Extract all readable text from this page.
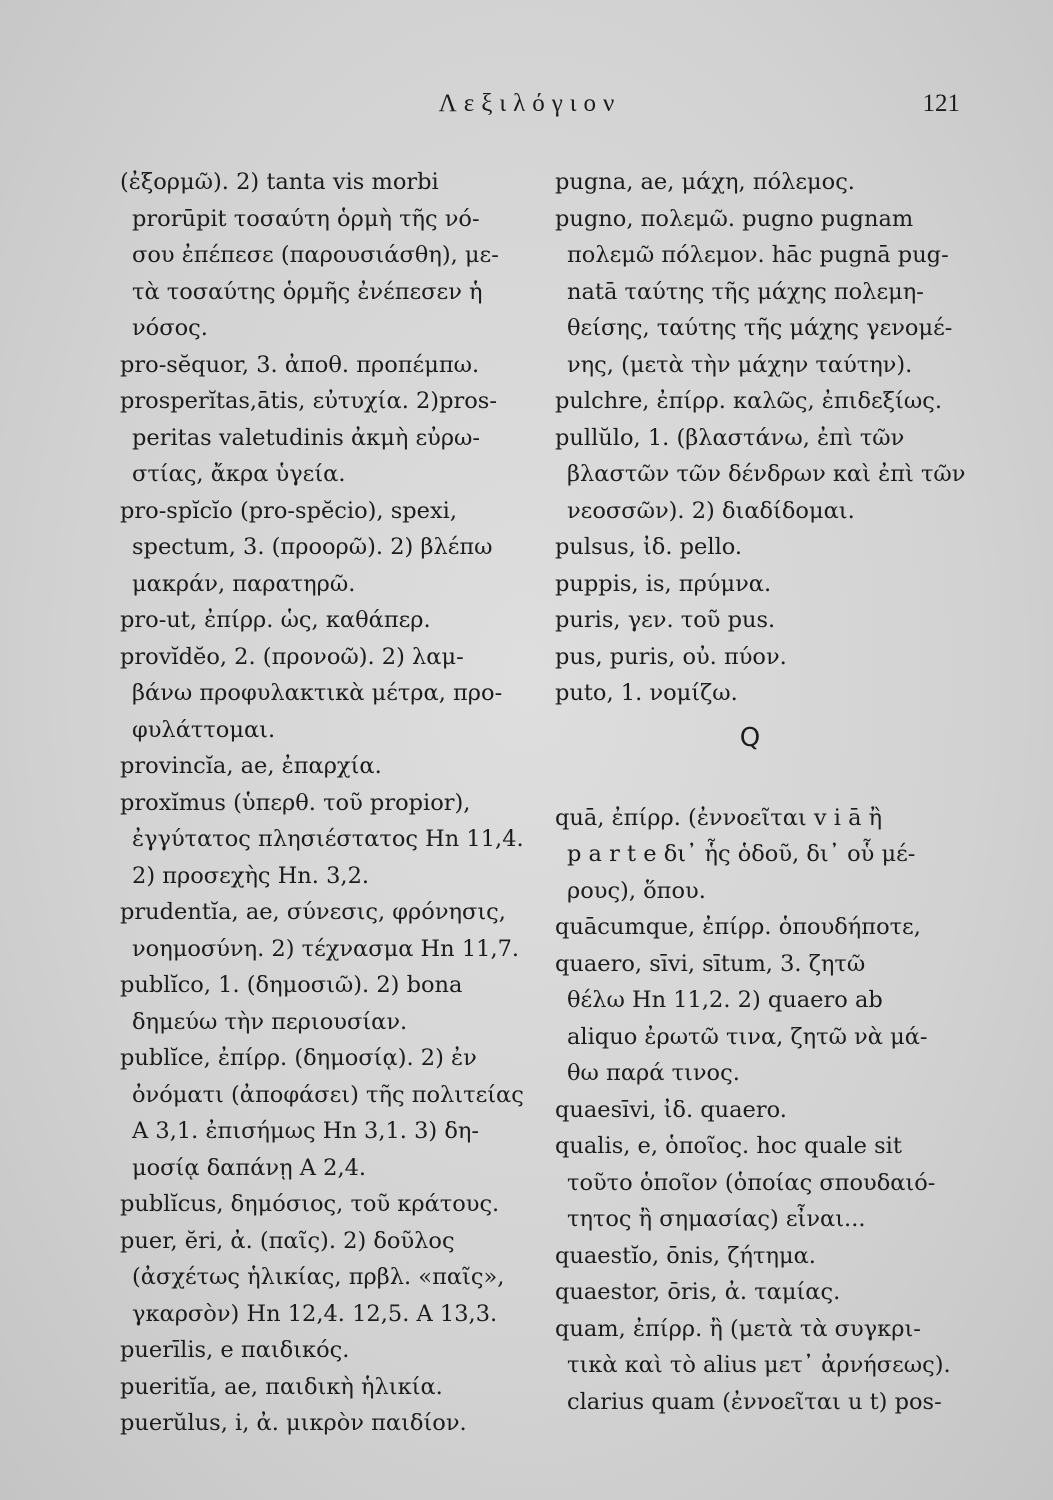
Λεξιλόγιον	121
(ἐξορμῶ). 2) tanta vis morbi
prorūpit τοσαύτη ὁρμὴ τῆς νό-
σου ἐπέπεσε (παρουσιάσθη), με-
τὰ τοσαύτης ὁρμῆς ἐνέπεσεν ἡ
νόσος.
pro-sĕquor, 3. ἀποθ. προπέμπω.
prosperĭtas,ātis, εὐτυχία. 2)pros-
peritas valetudinis ἀκμὴ εὐρω-
στίας, ἄκρα ὑγεία.
pro-spĭcĭo (pro-spĕcio), spexi,
spectum, 3. (προορῶ). 2) βλέπω
μακράν, παρατηρῶ.
pro-ut, ἐπίρρ. ὡς, καθάπερ.
provĭdĕo, 2. (προνοῶ). 2) λαμ-
βάνω προφυλακτικὰ μέτρα, προ-
φυλάττομαι.
provincĭa, ae, ἐπαρχία.
proxĭmus (ὑπερθ. τοῦ propior),
ἐγγύτατος πλησιέστατος Hn 11,4.
2) προσεχὴς Hn. 3,2.
prudentĭa, ae, σύνεσις, φρόνησις,
νοημοσύνη. 2) τέχνασμα Hn 11,7.
publĭco, 1. (δημοσιῶ). 2) bona
δημεύω τὴν περιουσίαν.
publĭce, ἐπίρρ. (δημοσίᾳ). 2) ἐν
ὀνόματι (ἀποφάσει) τῆς πολιτείας
A 3,1. ἐπισήμως Hn 3,1. 3) δη-
μοσίᾳ δαπάνῃ A 2,4.
publĭcus, δημόσιος, τοῦ κράτους.
puer, ĕri, ἀ. (παῖς). 2) δοῦλος
(ἀσχέτως ἡλικίας, πρβλ. «παῖς»,
γκαρσὸν) Hn 12,4. 12,5. A 13,3.
puerīlis, e παιδικός.
pueritĭa, ae, παιδικὴ ἡλικία.
puerŭlus, i, ἀ. μικρὸν παιδίον.
pugna, ae, μάχη, πόλεμος.
pugno, πολεμῶ. pugno pugnam
πολεμῶ πόλεμον. hāc pugnā pug-
natā ταύτης τῆς μάχης πολεμη-
θείσης, ταύτης τῆς μάχης γενομέ-
νης, (μετὰ τὴν μάχην ταύτην).
pulchre, ἐπίρρ. καλῶς, ἐπιδεξίως.
pullŭlo, 1. (βλαστάνω, ἐπὶ τῶν
βλαστῶν τῶν δένδρων καὶ ἐπὶ τῶν
νεοσσῶν). 2) διαδίδομαι.
pulsus, ἰδ. pello.
puppis, is, πρύμνα.
puris, γεν. τοῦ pus.
pus, puris, οὐ. πύον.
puto, 1. νομίζω.
Q
quā, ἐπίρρ. (ἐννοεῖται v i ā ἢ
p a r t e δι᾽ ἧς ὁδοῦ, δι᾽ οὗ μέ-
ρους), ὅπου.
quācumque, ἐπίρρ. ὁπουδήποτε,
quaero, sīvi, sītum, 3. ζητῶ
θέλω Hn 11,2. 2) quaero ab
aliquo ἐρωτῶ τινα, ζητῶ νὰ μά-
θω παρά τινος.
quaesīvi, ἰδ. quaero.
qualis, e, ὁποῖος. hoc quale sit
τοῦτο ὁποῖον (ὁποίας σπουδαιό-
τητος ἢ σημασίας) εἶναι...
quaestĭo, ōnis, ζήτημα.
quaestor, ōris, ἀ. ταμίας.
quam, ἐπίρρ. ἢ (μετὰ τὰ συγκρι-
τικὰ καὶ τὸ alius μετ᾽ ἀρνήσεως).
clarius quam (ἐννοεῖται u t) pos-
